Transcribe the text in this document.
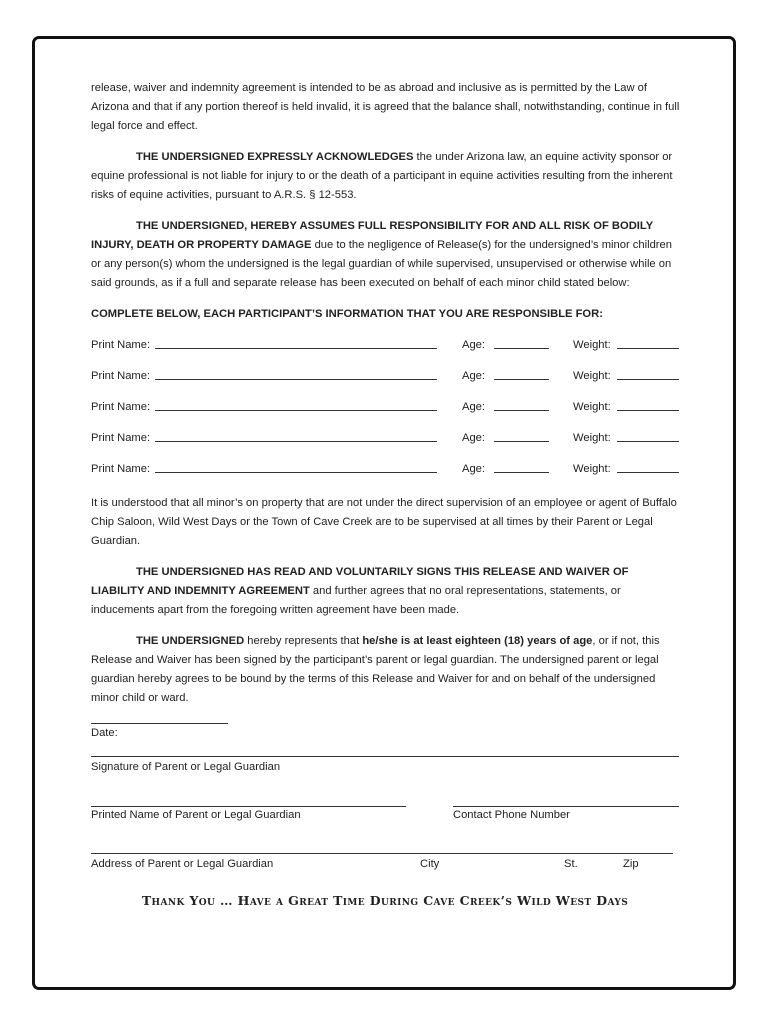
release, waiver and indemnity agreement is intended to be as abroad and inclusive as is permitted by the Law of Arizona and that if any portion thereof is held invalid, it is agreed that the balance shall, notwithstanding, continue in full legal force and effect.

THE UNDERSIGNED EXPRESSLY ACKNOWLEDGES the under Arizona law, an equine activity sponsor or equine professional is not liable for injury to or the death of a participant in equine activities resulting from the inherent risks of equine activities, pursuant to A.R.S. § 12-553.

THE UNDERSIGNED, HEREBY ASSUMES FULL RESPONSIBILITY FOR AND ALL RISK OF BODILY INJURY, DEATH OR PROPERTY DAMAGE due to the negligence of Release(s) for the undersigned’s minor children or any person(s) whom the undersigned is the legal guardian of while supervised, unsupervised or otherwise while on said grounds, as if a full and separate release has been executed on behalf of each minor child stated below:

COMPLETE BELOW, EACH PARTICIPANT’S INFORMATION THAT YOU ARE RESPONSIBLE FOR:

Print Name:	Age:	Weight:
Print Name:	Age:	Weight:
Print Name:	Age:	Weight:
Print Name:	Age:	Weight:
Print Name:	Age:	Weight:

It is understood that all minor’s on property that are not under the direct supervision of an employee or agent of Buffalo Chip Saloon, Wild West Days or the Town of Cave Creek are to be supervised at all times by their Parent or Legal Guardian.

THE UNDERSIGNED HAS READ AND VOLUNTARILY SIGNS THIS RELEASE AND WAIVER OF LIABILITY AND INDEMNITY AGREEMENT and further agrees that no oral representations, statements, or inducements apart from the foregoing written agreement have been made.

THE UNDERSIGNED hereby represents that he/she is at least eighteen (18) years of age, or if not, this Release and Waiver has been signed by the participant’s parent or legal guardian. The undersigned parent or legal guardian hereby agrees to be bound by the terms of this Release and Waiver for and on behalf of the undersigned minor child or ward.

Date:
Signature of Parent or Legal Guardian
Printed Name of Parent or Legal Guardian	Contact Phone Number
Address of Parent or Legal Guardian	City	St.	Zip
Thank You … Have a Great Time During Cave Creek’s Wild West Days
